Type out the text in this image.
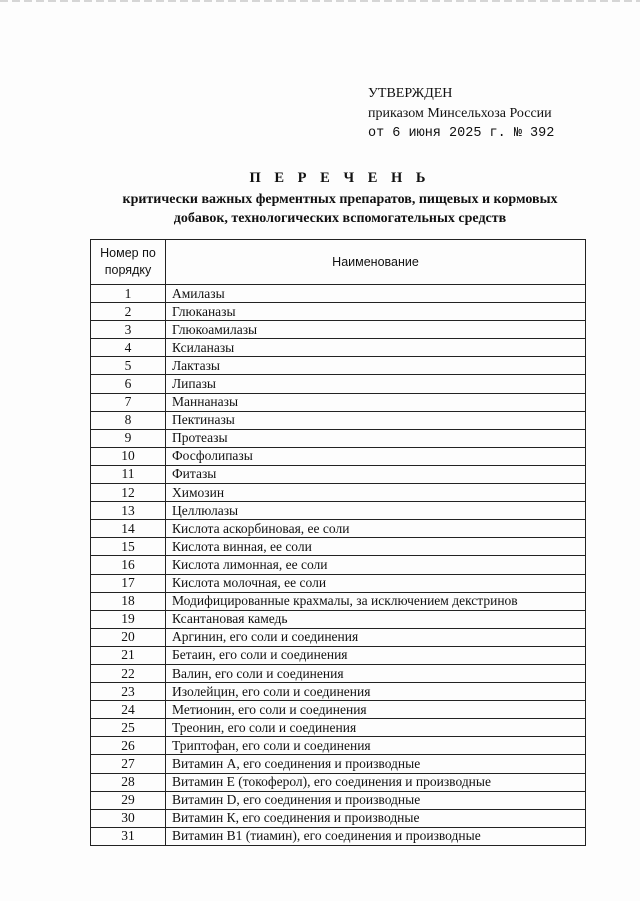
УТВЕРЖДЕН
приказом Минсельхоза России
от 6 июня 2025 г. № 392
П Е Р Е Ч Е Н Ь
критически важных ферментных препаратов, пищевых и кормовых
добавок, технологических вспомогательных средств
Номер по порядку	Наименование
1	Амилазы
2	Глюканазы
3	Глюкоамилазы
4	Ксиланазы
5	Лактазы
6	Липазы
7	Маннаназы
8	Пектиназы
9	Протеазы
10	Фосфолипазы
11	Фитазы
12	Химозин
13	Целлюлазы
14	Кислота аскорбиновая, ее соли
15	Кислота винная, ее соли
16	Кислота лимонная, ее соли
17	Кислота молочная, ее соли
18	Модифицированные крахмалы, за исключением декстринов
19	Ксантановая камедь
20	Аргинин, его соли и соединения
21	Бетаин, его соли и соединения
22	Валин, его соли и соединения
23	Изолейцин, его соли и соединения
24	Метионин, его соли и соединения
25	Треонин, его соли и соединения
26	Триптофан, его соли и соединения
27	Витамин А, его соединения и производные
28	Витамин Е (токоферол), его соединения и производные
29	Витамин D, его соединения и производные
30	Витамин К, его соединения и производные
31	Витамин В1 (тиамин), его соединения и производные
